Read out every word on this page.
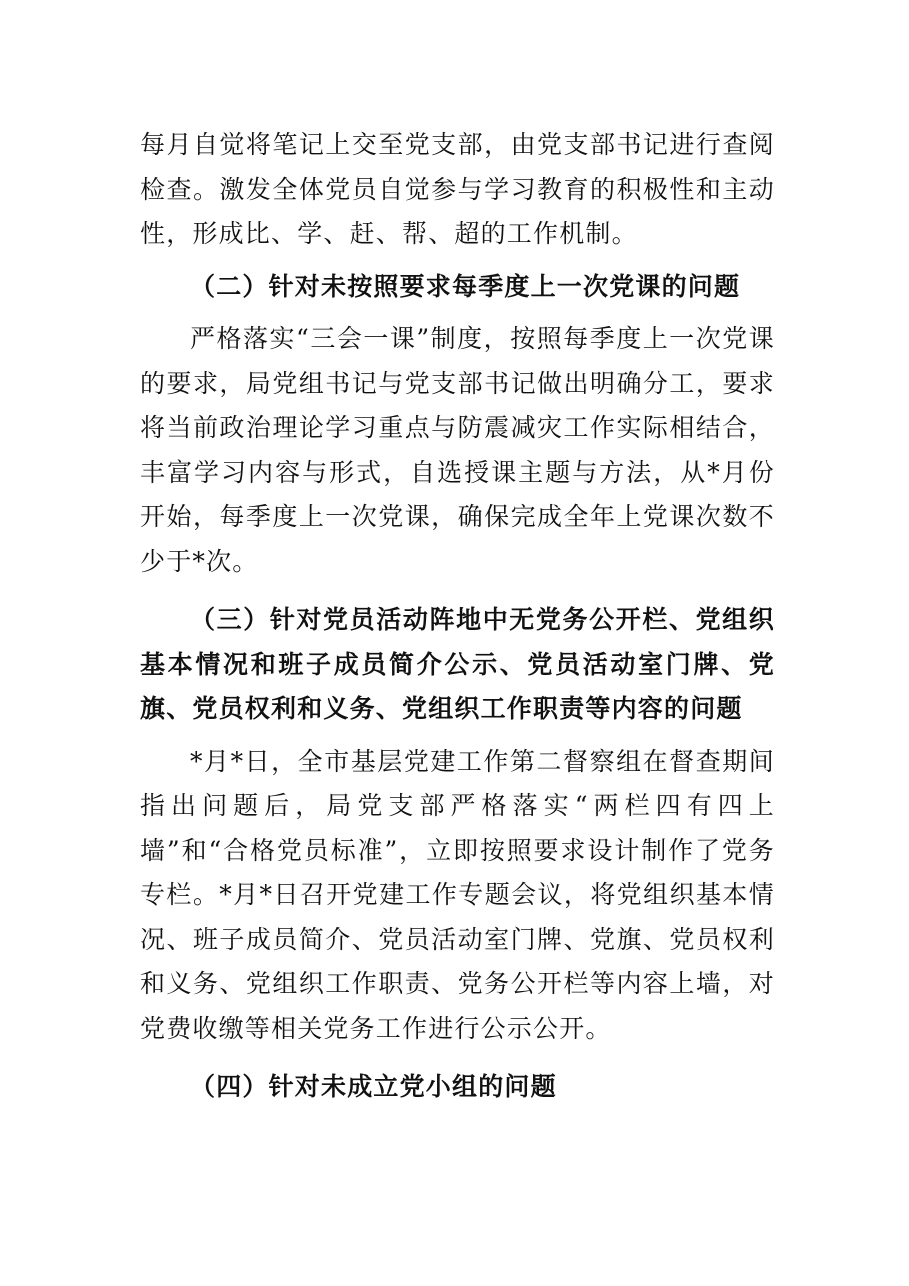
每月自觉将笔记上交至党支部，由党支部书记进行查阅检查。激发全体党员自觉参与学习教育的积极性和主动性，形成比、学、赶、帮、超的工作机制。

（二）针对未按照要求每季度上一次党课的问题

严格落实“三会一课”制度，按照每季度上一次党课的要求，局党组书记与党支部书记做出明确分工，要求将当前政治理论学习重点与防震减灾工作实际相结合，丰富学习内容与形式，自选授课主题与方法，从*月份开始，每季度上一次党课，确保完成全年上党课次数不少于*次。

（三）针对党员活动阵地中无党务公开栏、党组织基本情况和班子成员简介公示、党员活动室门牌、党旗、党员权利和义务、党组织工作职责等内容的问题

*月*日，全市基层党建工作第二督察组在督查期间指出问题后，局党支部严格落实“两栏四有四上墙”和“合格党员标准”，立即按照要求设计制作了党务专栏。*月*日召开党建工作专题会议，将党组织基本情况、班子成员简介、党员活动室门牌、党旗、党员权利和义务、党组织工作职责、党务公开栏等内容上墙，对党费收缴等相关党务工作进行公示公开。

（四）针对未成立党小组的问题
